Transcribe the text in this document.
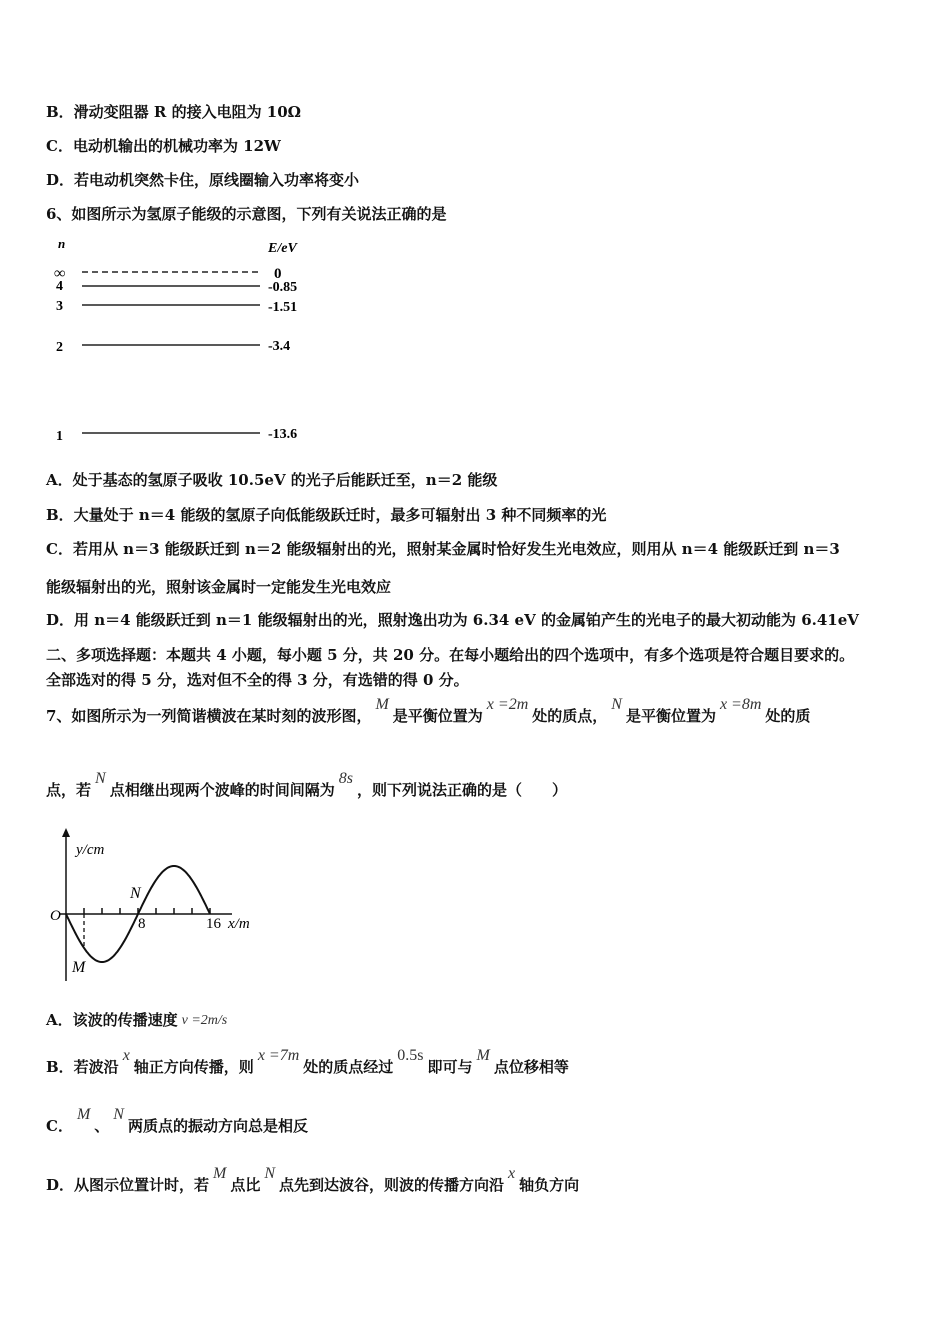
B．滑动变阻器 R 的接入电阻为 10Ω
C．电动机输出的机械功率为 12W
D．若电动机突然卡住，原线圈输入功率将变小
6、如图所示为氢原子能级的示意图，下列有关说法正确的是
n	E/eV
∞	0
4	-0.85
3	-1.51
2	-3.4
1	-13.6
A．处于基态的氢原子吸收 10.5eV 的光子后能跃迁至，n＝2 能级
B．大量处于 n＝4 能级的氢原子向低能级跃迁时，最多可辐射出 3 种不同频率的光
C．若用从 n＝3 能级跃迁到 n＝2 能级辐射出的光，照射某金属时恰好发生光电效应，则用从 n＝4 能级跃迁到 n＝3
能级辐射出的光，照射该金属时一定能发生光电效应
D．用 n＝4 能级跃迁到 n＝1 能级辐射出的光，照射逸出功为 6.34 eV 的金属铂产生的光电子的最大初动能为 6.41eV
二、多项选择题：本题共 4 小题，每小题 5 分，共 20 分。在每小题给出的四个选项中，有多个选项是符合题目要求的。
全部选对的得 5 分，选对但不全的得 3 分，有选错的得 0 分。
7、如图所示为一列简谐横波在某时刻的波形图，M是平衡位置为x =2m处的质点，N是平衡位置为x =8m处的质
点，若N点相继出现两个波峰的时间间隔为8s，则下列说法正确的是（　　）
y/cm
x/m
O	8	16
N
M
A．该波的传播速度 v =2m/s
B．若波沿x轴正方向传播，则x =7m处的质点经过0.5s即可与M点位移相等
C．M、N两质点的振动方向总是相反
D．从图示位置计时，若M点比N点先到达波谷，则波的传播方向沿x轴负方向
